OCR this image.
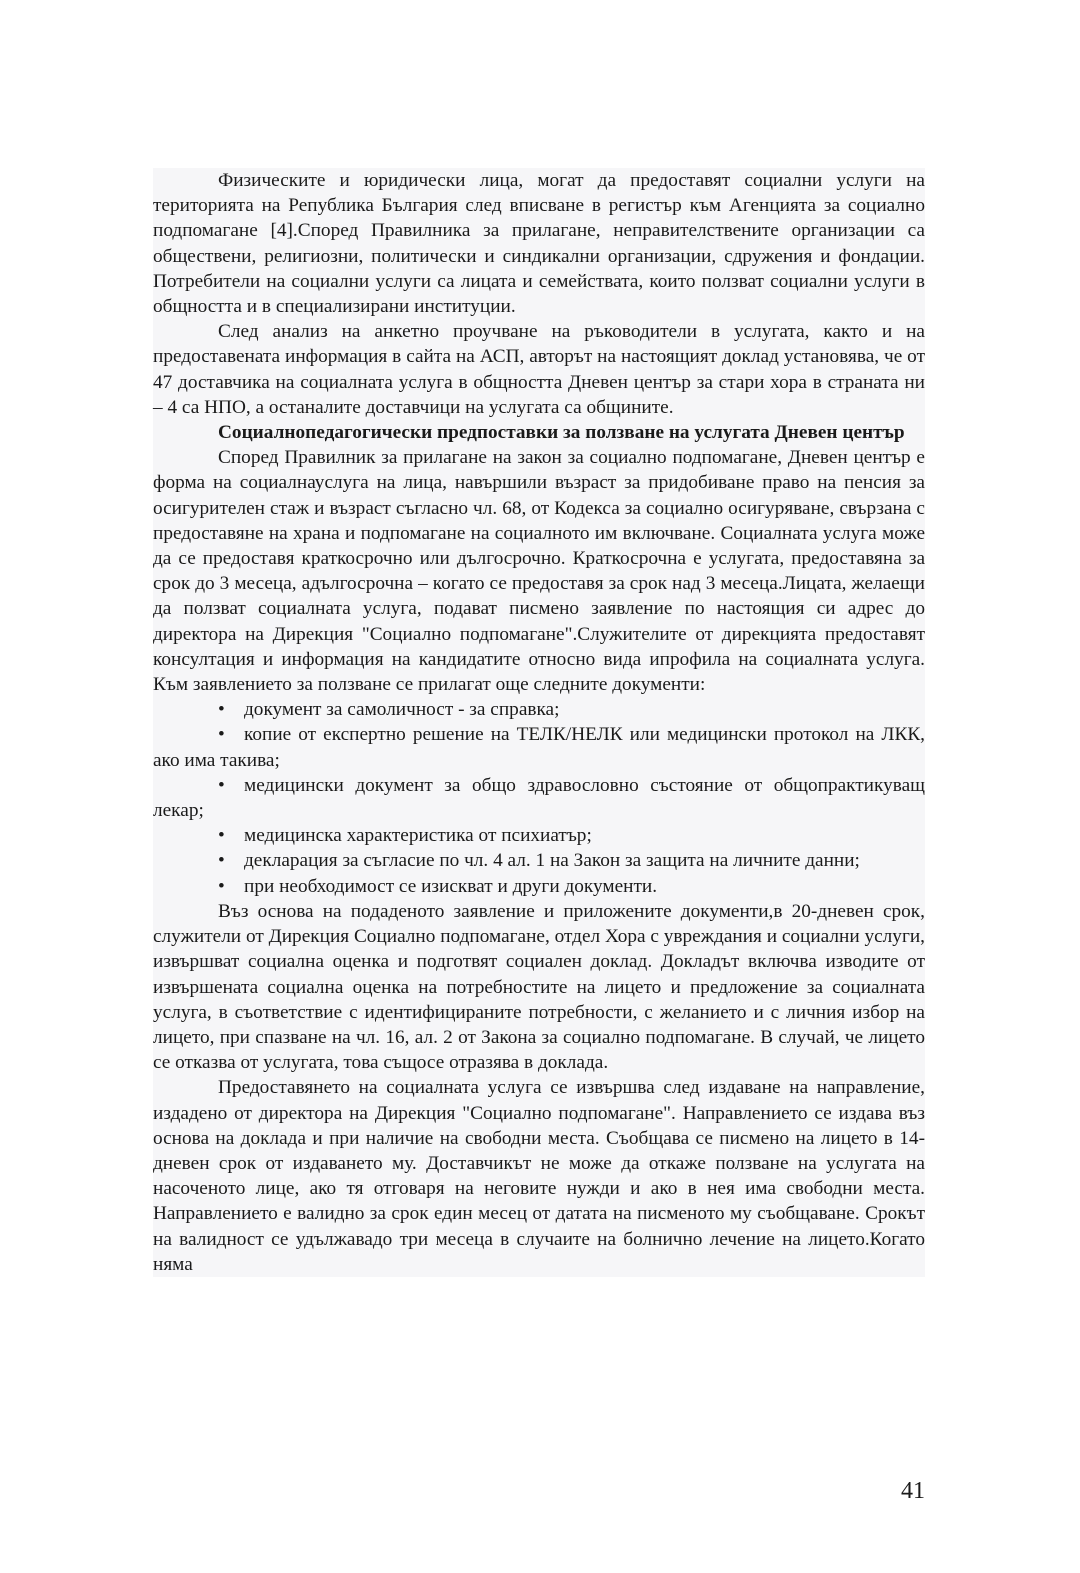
Физическите и юридически лица, могат да предоставят социални услуги на територията на Република България след вписване в регистър към Агенцията за социално подпомагане [4].Според Правилника за прилагане, неправителствените организации са обществени, религиозни, политически и синдикални организации, сдружения и фондации. Потребители на социални услуги са лицата и семействата, които ползват социални услуги в общността и в специализирани институции.

След анализ на анкетно проучване на ръководители в услугата, както и на предоставената информация в сайта на АСП, авторът на настоящият доклад установява, че от 47 доставчика на социалната услуга в общността Дневен център за стари хора в страната ни – 4 са НПО, а останалите доставчици на услугата са общините.

Социалнопедагогически предпоставки за ползване на услугата Дневен център

Според Правилник за прилагане на закон за социално подпомагане, Дневен център е форма на социалнауслуга на лица, навършили възраст за придобиване право на пенсия за осигурителен стаж и възраст съгласно чл. 68, от Кодекса за социално осигуряване, свързана с предоставяне на храна и подпомагане на социалното им включване. Социалната услуга може да се предоставя краткосрочно или дългосрочно. Краткосрочна е услугата, предоставяна за срок до 3 месеца, адългосрочна – когато се предоставя за срок над 3 месеца.Лицата, желаещи да ползват социалната услуга, подават писмено заявление по настоящия си адрес до директора на Дирекция "Социално подпомагане".Служителите от дирекцията предоставят консултация и информация на кандидатите относно вида ипрофила на социалната услуга. Към заявлението за ползване се прилагат още следните документи:

• документ за самоличност - за справка;

• копие от експертно решение на ТЕЛК/НЕЛК или медицински протокол на ЛКК, ако има такива;

• медицински документ за общо здравословно състояние от общопрактикуващ лекар;

• медицинска характеристика от психиатър;

• декларация за съгласие по чл. 4 ал. 1 на Закон за защита на личните данни;

• при необходимост се изискват и други документи.

Въз основа на подаденото заявление и приложените документи,в 20-дневен срок, служители от Дирекция Социално подпомагане, отдел Хора с увреждания и социални услуги, извършват социална оценка и подготвят социален доклад. Докладът включва изводите от извършената социална оценка на потребностите на лицето и предложение за социалната услуга, в съответствие с идентифицираните потребности, с желанието и с личния избор на лицето, при спазване на чл. 16, ал. 2 от Закона за социално подпомагане. В случай, че лицето се отказва от услугата, това същосе отразява в доклада.

Предоставянето на социалната услуга се извършва след издаване на направление, издадено от директора на Дирекция "Социално подпомагане". Направлението се издава въз основа на доклада и при наличие на свободни места. Съобщава се писмено на лицето в 14-дневен срок от издаването му. Доставчикът не може да откаже ползване на услугата на насоченото лице, ако тя отговаря на неговите нужди и ако в нея има свободни места. Направлението е валидно за срок един месец от датата на писменото му съобщаване. Срокът на валидност се удължавадо три месеца в случаите на болнично лечение на лицето.Когато няма

41
